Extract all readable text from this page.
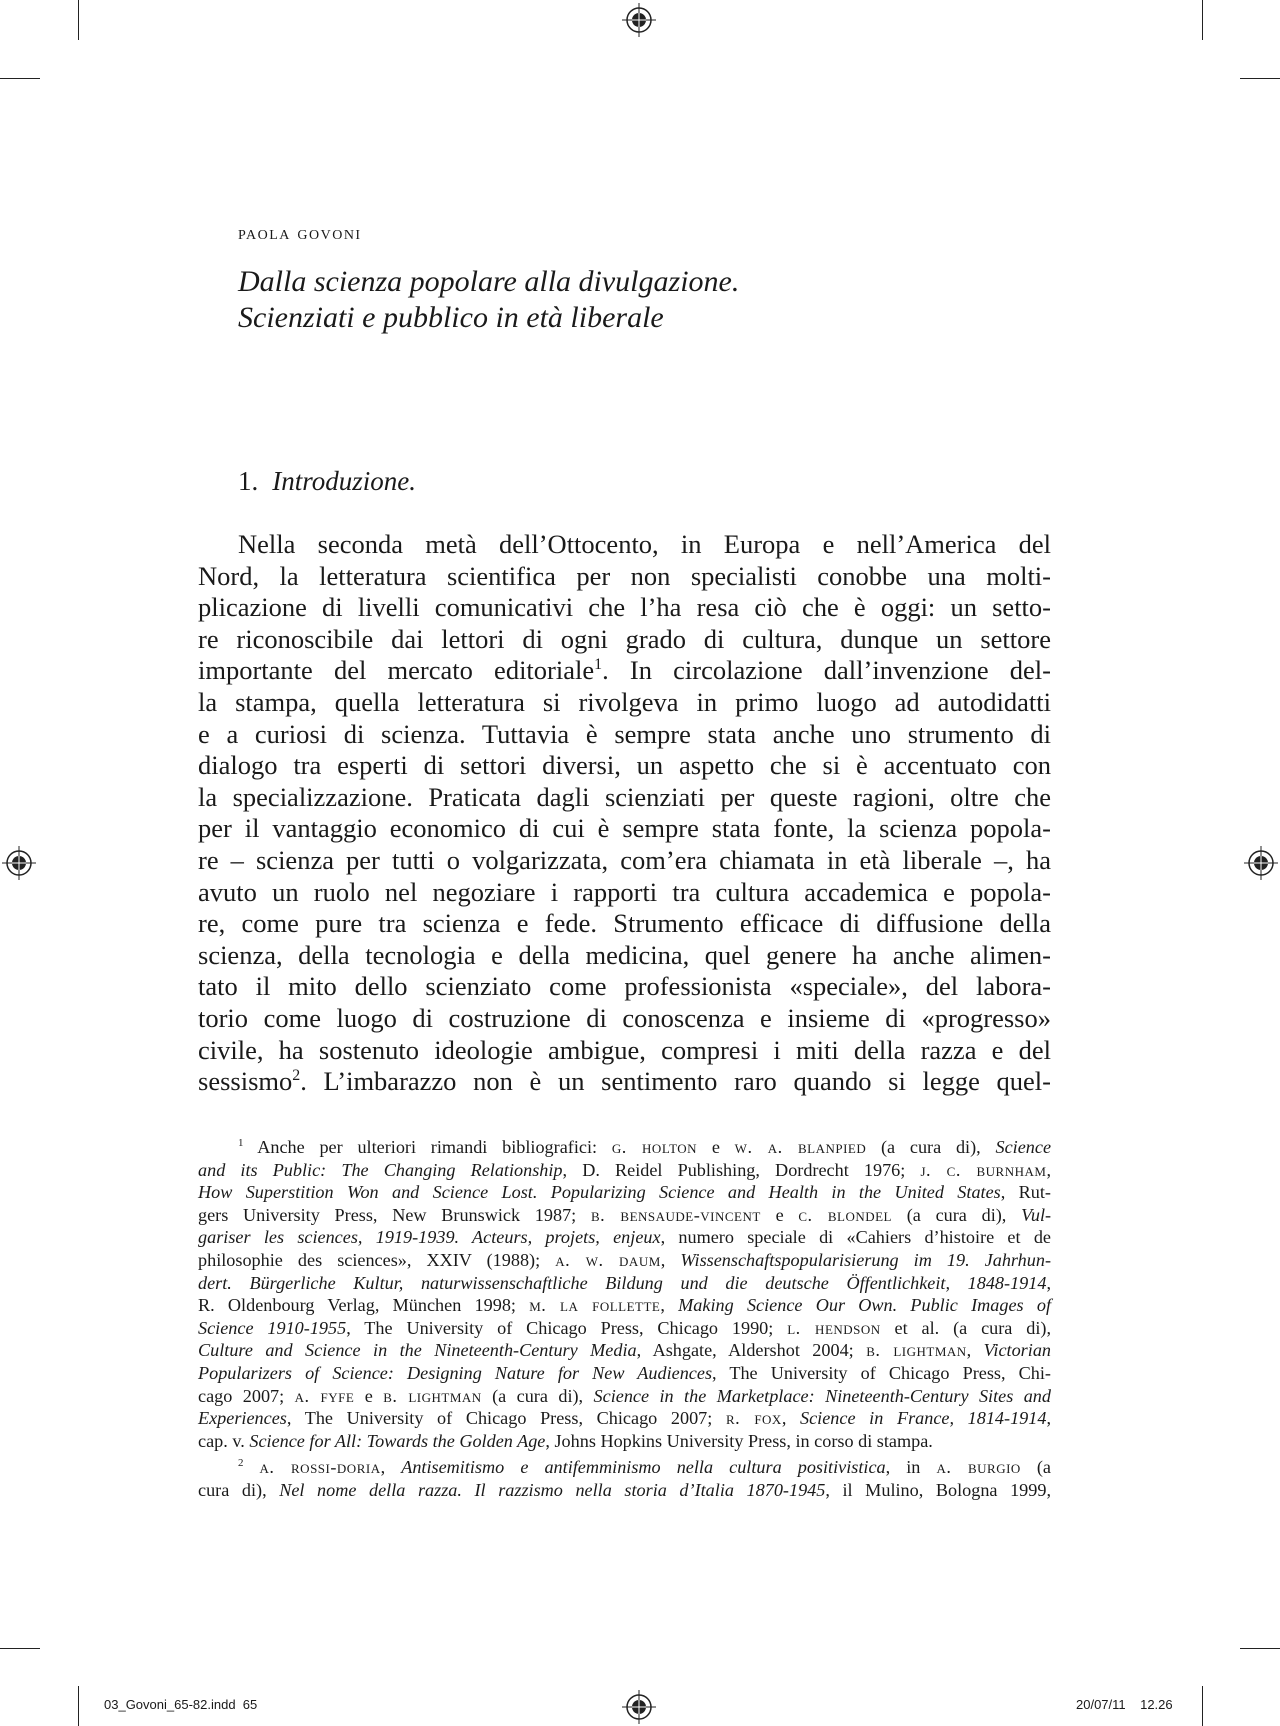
paola govoni
Dalla scienza popolare alla divulgazione.
Scienziati e pubblico in età liberale
1. Introduzione.
Nella seconda metà dell’Ottocento, in Europa e nell’America del
Nord, la letteratura scientifica per non specialisti conobbe una molti-
plicazione di livelli comunicativi che l’ha resa ciò che è oggi: un setto-
re riconoscibile dai lettori di ogni grado di cultura, dunque un settore
importante del mercato editoriale$^1$. In circolazione dall’invenzione del-
la stampa, quella letteratura si rivolgeva in primo luogo ad autodidatti
e a curiosi di scienza. Tuttavia è sempre stata anche uno strumento di
dialogo tra esperti di settori diversi, un aspetto che si è accentuato con
la specializzazione. Praticata dagli scienziati per queste ragioni, oltre che
per il vantaggio economico di cui è sempre stata fonte, la scienza popola-
re – scienza per tutti o volgarizzata, com’era chiamata in età liberale –, ha
avuto un ruolo nel negoziare i rapporti tra cultura accademica e popola-
re, come pure tra scienza e fede. Strumento efficace di diffusione della
scienza, della tecnologia e della medicina, quel genere ha anche alimen-
tato il mito dello scienziato come professionista «speciale», del labora-
torio come luogo di costruzione di conoscenza e insieme di «progresso»
civile, ha sostenuto ideologie ambigue, compresi i miti della razza e del
sessismo$^2$. L’imbarazzo non è un sentimento raro quando si legge quel-
$^1$ Anche per ulteriori rimandi bibliografici: g. holton e w. a. blanpied (a cura di), Science
and its Public: The Changing Relationship, D. Reidel Publishing, Dordrecht 1976; j. c. burnham,
How Superstition Won and Science Lost. Popularizing Science and Health in the United States, Rut-
gers University Press, New Brunswick 1987; b. bensaude-vincent e c. blondel (a cura di), Vul-
gariser les sciences, 1919-1939. Acteurs, projets, enjeux, numero speciale di «Cahiers d’histoire et de
philosophie des sciences», XXIV (1988); a. w. daum, Wissenschaftspopularisierung im 19. Jahrhun-
dert. Bürgerliche Kultur, naturwissenschaftliche Bildung und die deutsche Öffentlichkeit, 1848-1914,
R. Oldenbourg Verlag, München 1998; m. la follette, Making Science Our Own. Public Images of
Science 1910-1955, The University of Chicago Press, Chicago 1990; l. hendson et al. (a cura di),
Culture and Science in the Nineteenth-Century Media, Ashgate, Aldershot 2004; b. lightman, Victorian
Popularizers of Science: Designing Nature for New Audiences, The University of Chicago Press, Chi-
cago 2007; a. fyfe e b. lightman (a cura di), Science in the Marketplace: Nineteenth-Century Sites and
Experiences, The University of Chicago Press, Chicago 2007; r. fox, Science in France, 1814-1914,
cap. v. Science for All: Towards the Golden Age, Johns Hopkins University Press, in corso di stampa.
$^2$ a. rossi-doria, Antisemitismo e antifemminismo nella cultura positivistica, in a. burgio (a
cura di), Nel nome della razza. Il razzismo nella storia d’Italia 1870-1945, il Mulino, Bologna 1999,
03_Govoni_65-82.indd 65	20/07/11 12.26
